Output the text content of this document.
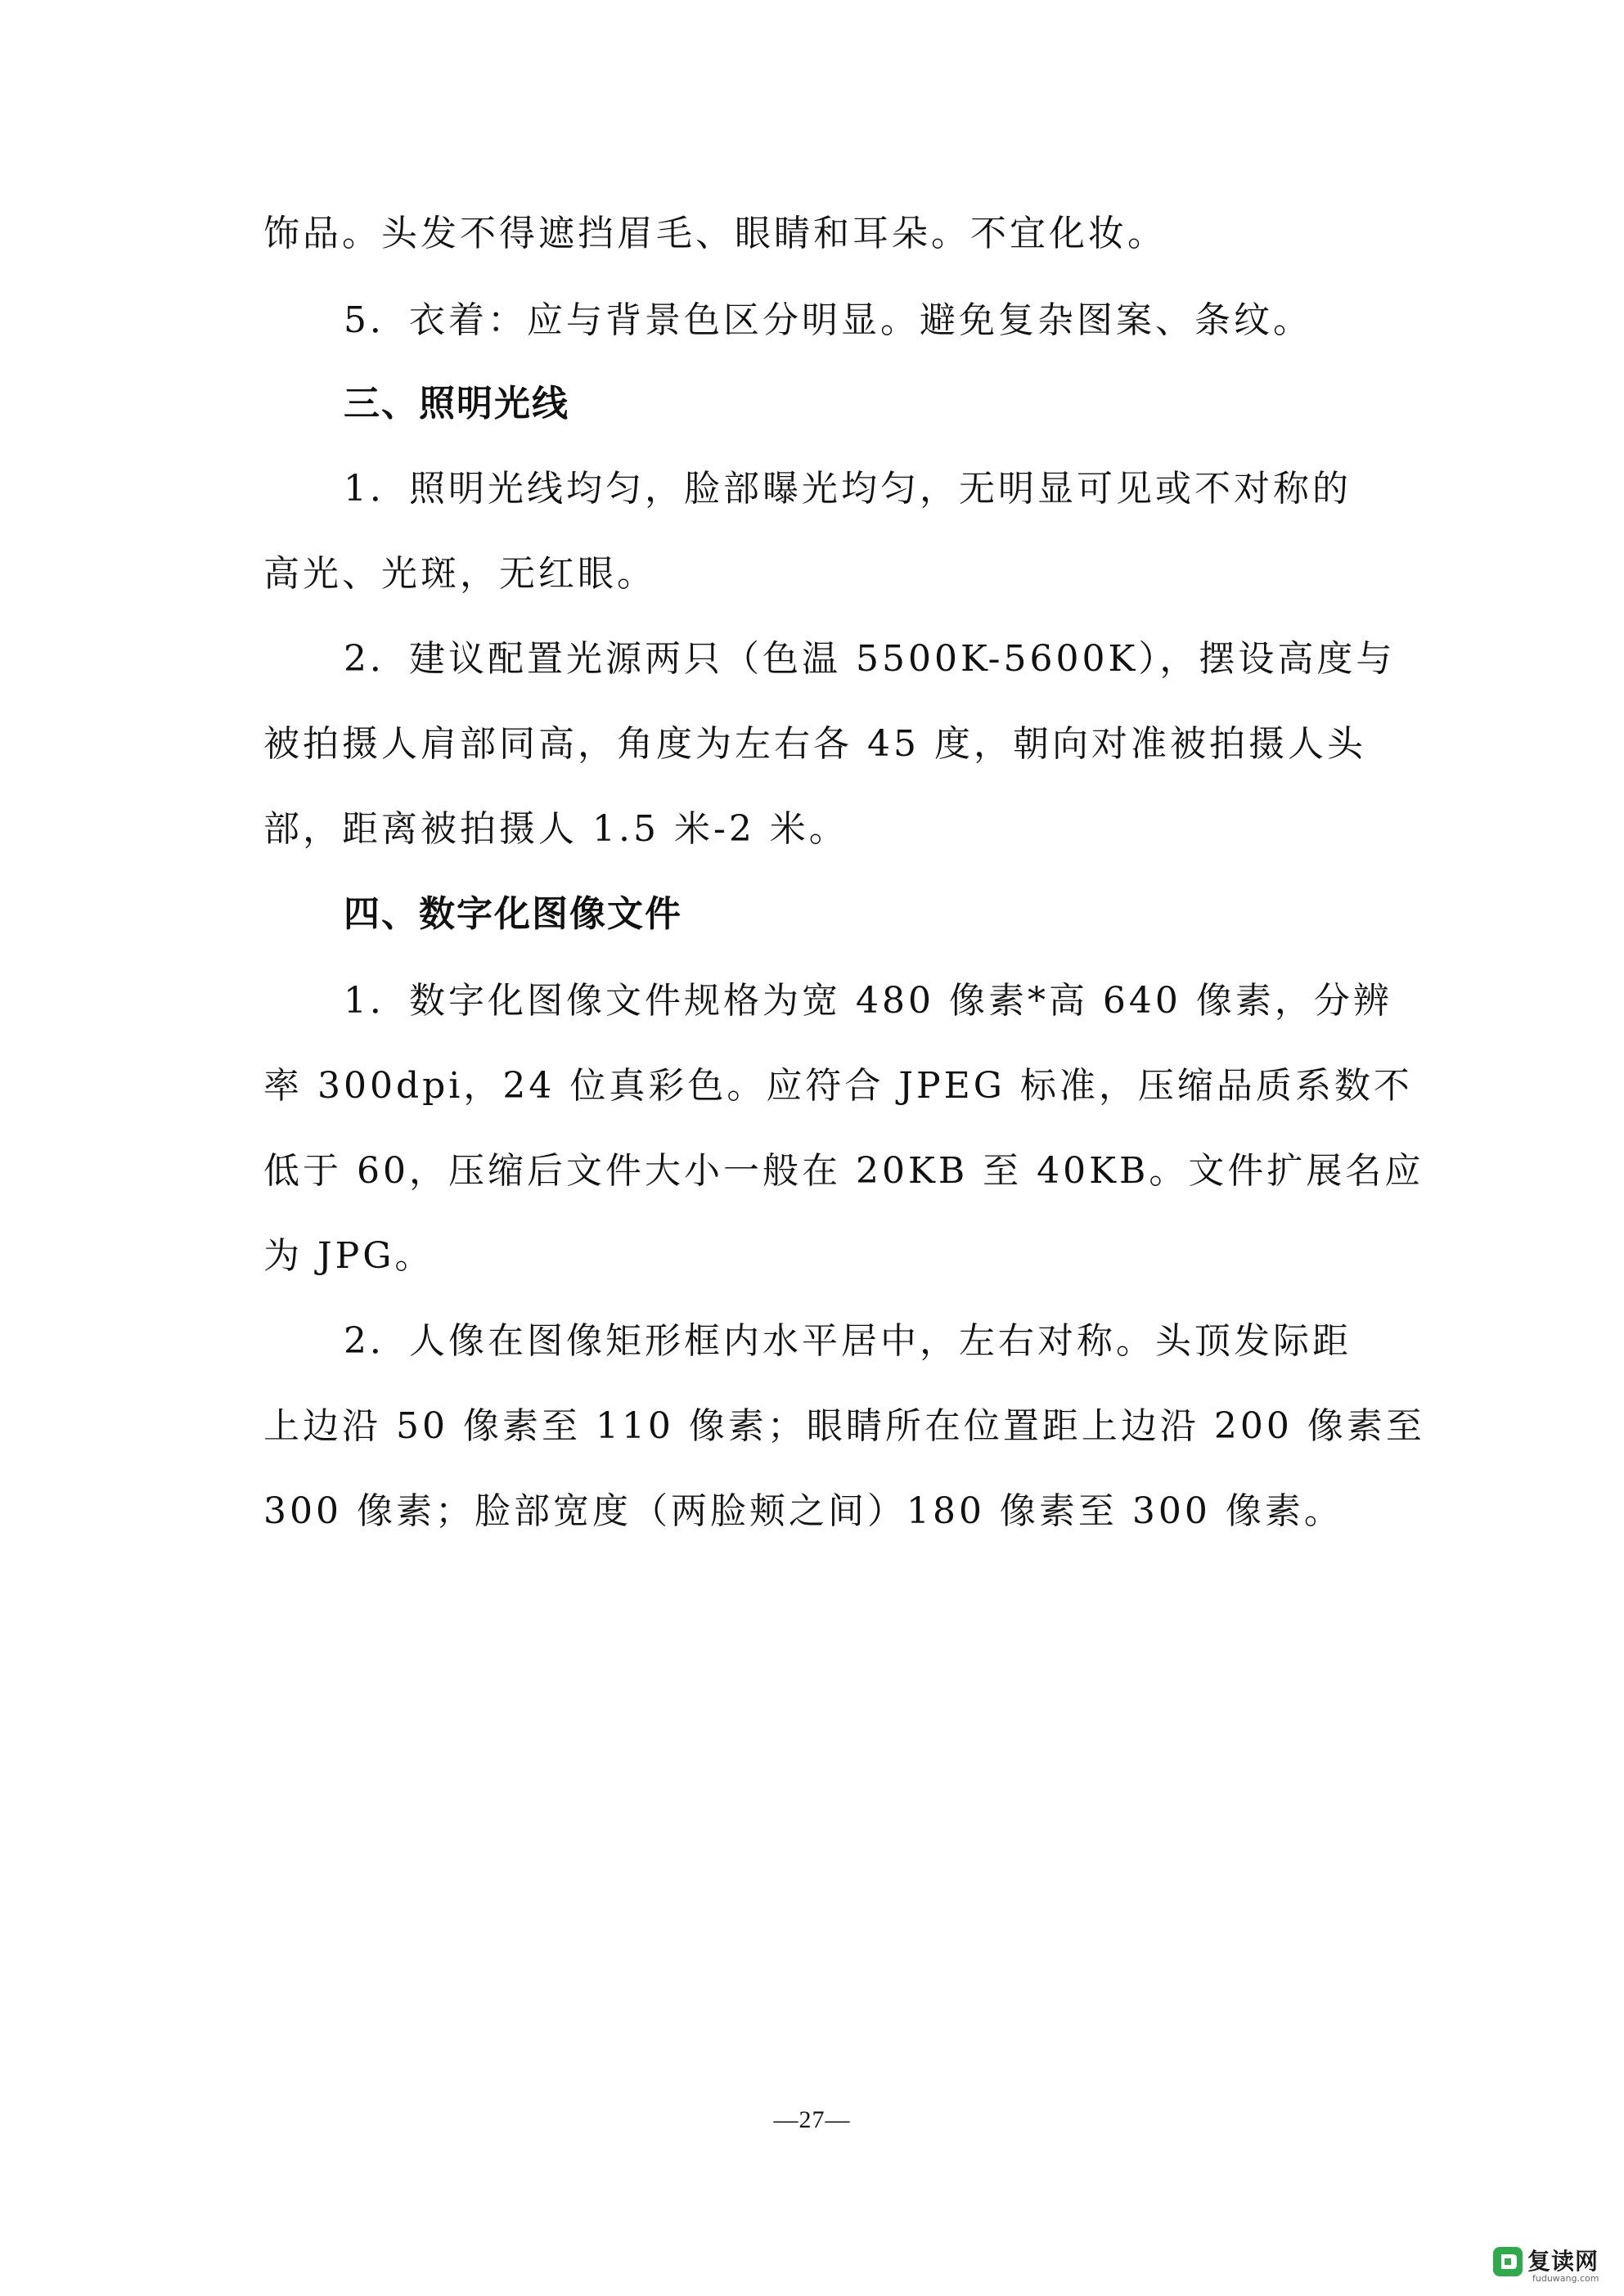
饰品。头发不得遮挡眉毛、眼睛和耳朵。不宜化妆。

5．衣着：应与背景色区分明显。避免复杂图案、条纹。

三、照明光线

1．照明光线均匀，脸部曝光均匀，无明显可见或不对称的

高光、光斑，无红眼。

2．建议配置光源两只（色温 5500K-5600K），摆设高度与

被拍摄人肩部同高，角度为左右各 45 度，朝向对准被拍摄人头

部，距离被拍摄人 1.5 米-2 米。

四、数字化图像文件

1．数字化图像文件规格为宽 480 像素*高 640 像素，分辨

率 300dpi，24 位真彩色。应符合 JPEG 标准，压缩品质系数不

低于 60，压缩后文件大小一般在 20KB 至 40KB。文件扩展名应

为 JPG。

2．人像在图像矩形框内水平居中，左右对称。头顶发际距

上边沿 50 像素至 110 像素；眼睛所在位置距上边沿 200 像素至

300 像素；脸部宽度（两脸颊之间）180 像素至 300 像素。

—27—
复读网
fuduwang.com
